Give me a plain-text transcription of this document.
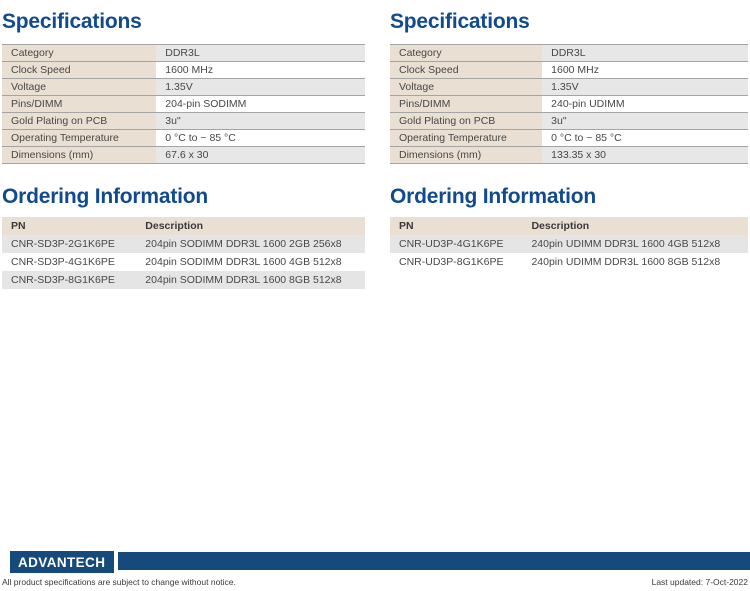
Specifications
Category	DDR3L
Clock Speed	1600 MHz
Voltage	1.35V
Pins/DIMM	204-pin SODIMM
Gold Plating on PCB	3u"
Operating Temperature	0 °C to ~ 85 °C
Dimensions (mm)	67.6 x 30
Ordering Information
PN	Description
CNR-SD3P-2G1K6PE	204pin SODIMM DDR3L 1600 2GB 256x8
CNR-SD3P-4G1K6PE	204pin SODIMM DDR3L 1600 4GB 512x8
CNR-SD3P-8G1K6PE	204pin SODIMM DDR3L 1600 8GB 512x8
Specifications
Category	DDR3L
Clock Speed	1600 MHz
Voltage	1.35V
Pins/DIMM	240-pin UDIMM
Gold Plating on PCB	3u"
Operating Temperature	0 °C to ~ 85 °C
Dimensions (mm)	133.35 x 30
Ordering Information
PN	Description
CNR-UD3P-4G1K6PE	240pin UDIMM DDR3L 1600 4GB 512x8
CNR-UD3P-8G1K6PE	240pin UDIMM DDR3L 1600 8GB 512x8
ADVANTECH
All product specifications are subject to change without notice.	Last updated: 7-Oct-2022
